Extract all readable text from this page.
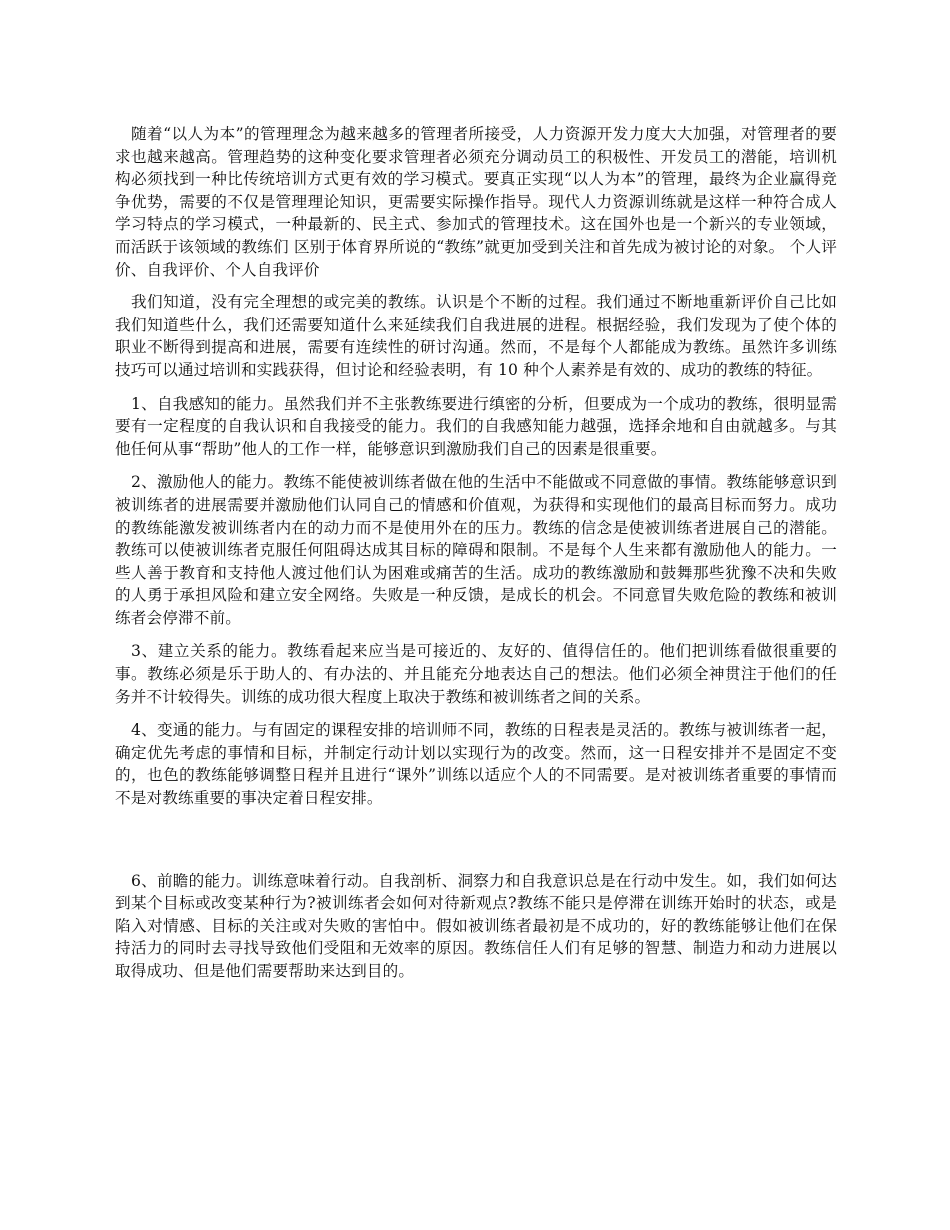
随着“以人为本”的管理理念为越来越多的管理者所接受，人力资源开发力度大大加强，对管理者的要求也越来越高。管理趋势的这种变化要求管理者必须充分调动员工的积极性、开发员工的潜能，培训机构必须找到一种比传统培训方式更有效的学习模式。要真正实现“以人为本”的管理，最终为企业赢得竞争优势，需要的不仅是管理理论知识，更需要实际操作指导。现代人力资源训练就是这样一种符合成人学习特点的学习模式，一种最新的、民主式、参加式的管理技术。这在国外也是一个新兴的专业领域，而活跃于该领域的教练们 区别于体育界所说的“教练”就更加受到关注和首先成为被讨论的对象。 个人评价、自我评价、个人自我评价

我们知道，没有完全理想的或完美的教练。认识是个不断的过程。我们通过不断地重新评价自己比如我们知道些什么，我们还需要知道什么来延续我们自我进展的进程。根据经验，我们发现为了使个体的职业不断得到提高和进展，需要有连续性的研讨沟通。然而，不是每个人都能成为教练。虽然许多训练技巧可以通过培训和实践获得，但讨论和经验表明，有 10 种个人素养是有效的、成功的教练的特征。

1、自我感知的能力。虽然我们并不主张教练要进行缜密的分析，但要成为一个成功的教练，很明显需要有一定程度的自我认识和自我接受的能力。我们的自我感知能力越强，选择余地和自由就越多。与其他任何从事“帮助”他人的工作一样，能够意识到激励我们自己的因素是很重要。

2、激励他人的能力。教练不能使被训练者做在他的生活中不能做或不同意做的事情。教练能够意识到被训练者的进展需要并激励他们认同自己的情感和价值观，为获得和实现他们的最高目标而努力。成功的教练能激发被训练者内在的动力而不是使用外在的压力。教练的信念是使被训练者进展自己的潜能。教练可以使被训练者克服任何阻碍达成其目标的障碍和限制。不是每个人生来都有激励他人的能力。一些人善于教育和支持他人渡过他们认为困难或痛苦的生活。成功的教练激励和鼓舞那些犹豫不决和失败的人勇于承担风险和建立安全网络。失败是一种反馈，是成长的机会。不同意冒失败危险的教练和被训练者会停滞不前。

3、建立关系的能力。教练看起来应当是可接近的、友好的、值得信任的。他们把训练看做很重要的事。教练必须是乐于助人的、有办法的、并且能充分地表达自己的想法。他们必须全神贯注于他们的任务并不计较得失。训练的成功很大程度上取决于教练和被训练者之间的关系。

4、变通的能力。与有固定的课程安排的培训师不同，教练的日程表是灵活的。教练与被训练者一起，确定优先考虑的事情和目标，并制定行动计划以实现行为的改变。然而，这一日程安排并不是固定不变的，也色的教练能够调整日程并且进行“课外”训练以适应个人的不同需要。是对被训练者重要的事情而不是对教练重要的事决定着日程安排。

6、前瞻的能力。训练意味着行动。自我剖析、洞察力和自我意识总是在行动中发生。如，我们如何达到某个目标或改变某种行为?被训练者会如何对待新观点?教练不能只是停滞在训练开始时的状态，或是陷入对情感、目标的关注或对失败的害怕中。假如被训练者最初是不成功的，好的教练能够让他们在保持活力的同时去寻找导致他们受阻和无效率的原因。教练信任人们有足够的智慧、制造力和动力进展以取得成功、但是他们需要帮助来达到目的。
